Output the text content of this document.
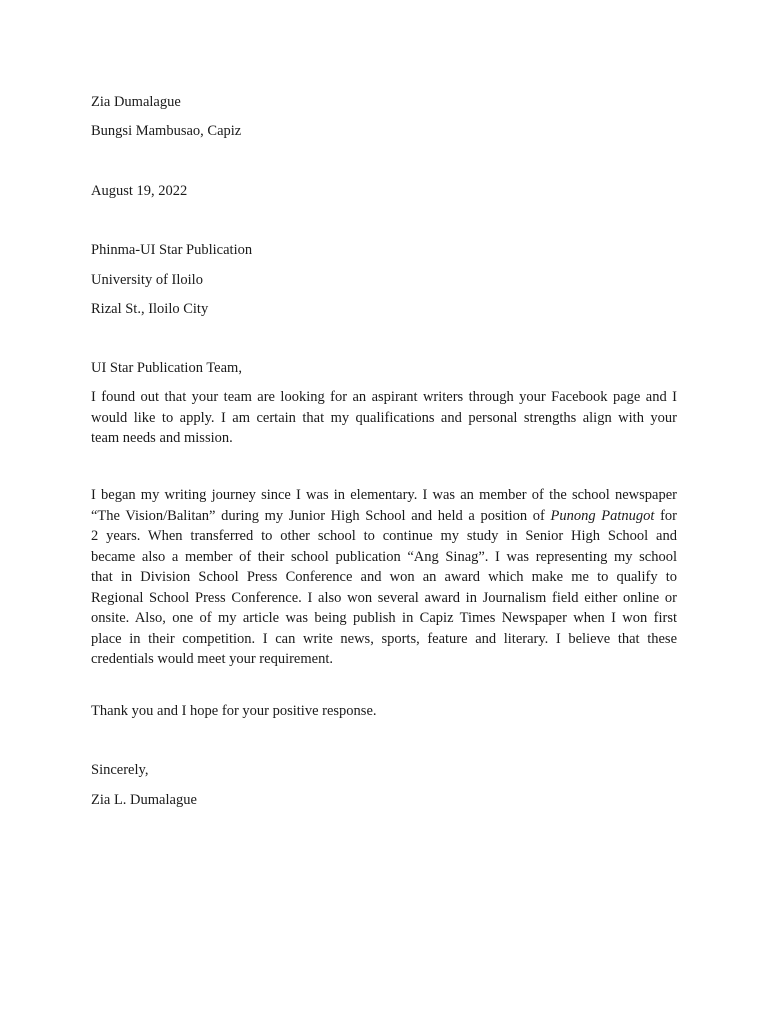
Zia Dumalague
Bungsi Mambusao, Capiz
August 19, 2022
Phinma-UI Star Publication
University of Iloilo
Rizal St., Iloilo City
UI Star Publication Team,
I found out that your team are looking for an aspirant writers through your Facebook page and I
would like to apply. I am certain that my qualifications and personal strengths align with your
team needs and mission.
I began my writing journey since I was in elementary. I was an member of the school newspaper
“The Vision/Balitan” during my Junior High School and held a position of Punong Patnugot for
2 years. When transferred to other school to continue my study in Senior High School and
became also a member of their school publication “Ang Sinag”. I was representing my school
that in Division School Press Conference and won an award which make me to qualify to
Regional School Press Conference. I also won several award in Journalism field either online or
onsite. Also, one of my article was being publish in Capiz Times Newspaper when I won first
place in their competition. I can write news, sports, feature and literary. I believe that these
credentials would meet your requirement.
Thank you and I hope for your positive response.
Sincerely,
Zia L. Dumalague
